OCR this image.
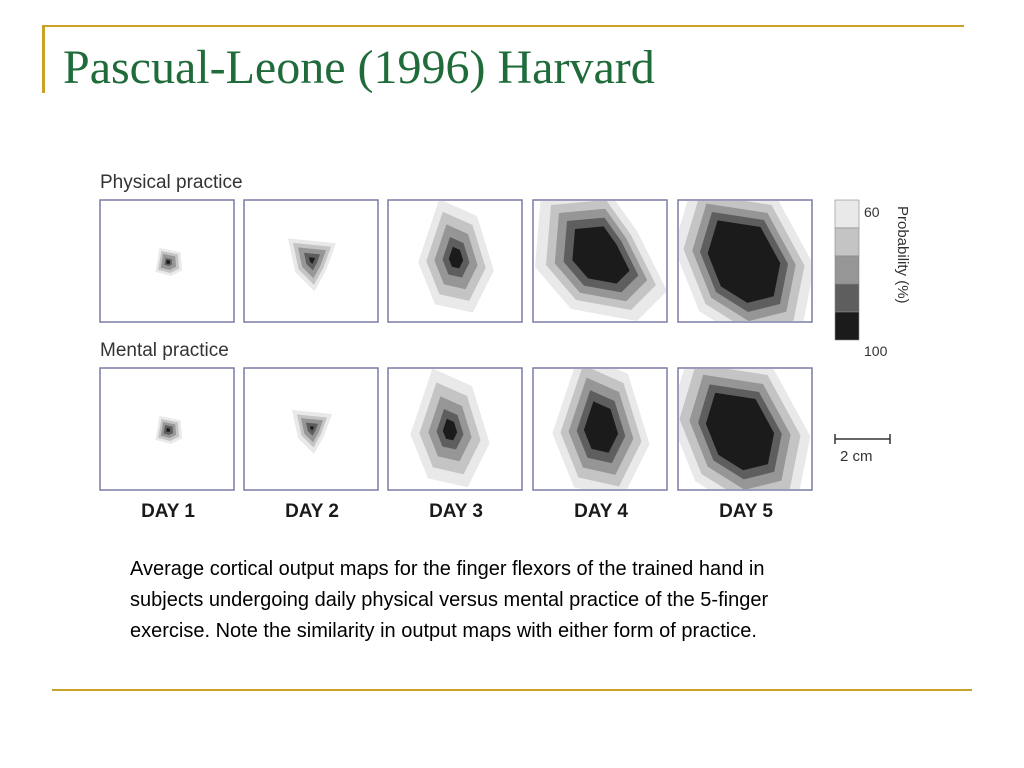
Pascual-Leone (1996) Harvard
Physical practice
Mental practice
DAY 1	DAY 2	DAY 3	DAY 4	DAY 5
60
100
Probability (%)
2 cm
Average cortical output maps for the finger flexors of the trained hand in subjects undergoing daily physical versus mental practice of the 5-finger exercise. Note the similarity in output maps with either form of practice.
